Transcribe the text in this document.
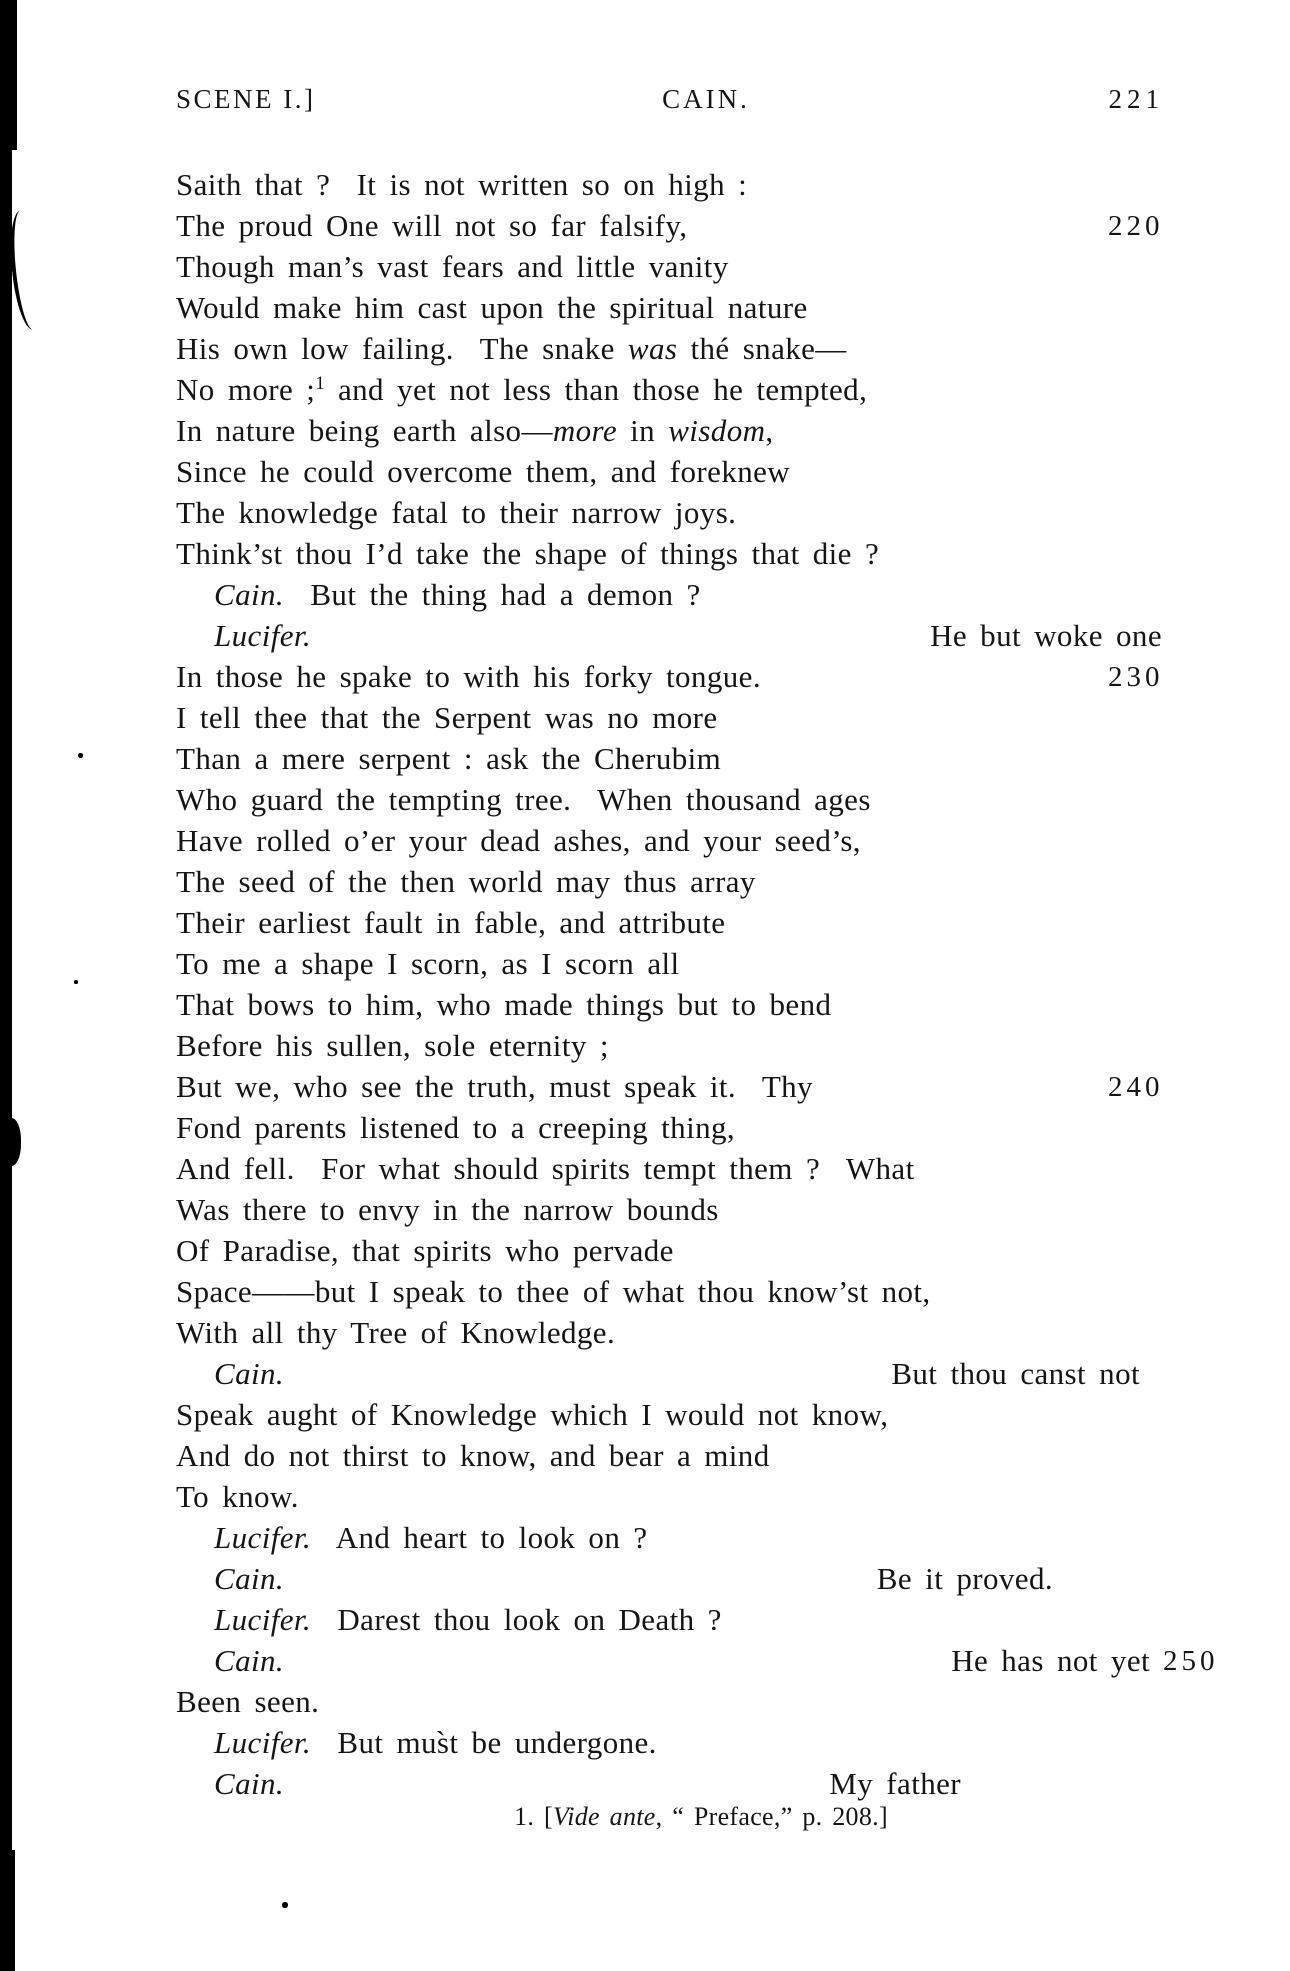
SCENE I.]	CAIN.	221
Saith that ?  It is not written so on high :
The proud One will not so far falsify,	220
Though man’s vast fears and little vanity
Would make him cast upon the spiritual nature
His own low failing.  The snake was thé snake—
No more ;$^1$ and yet not less than those he tempted,
In nature being earth also—more in wisdom,
Since he could overcome them, and foreknew
The knowledge fatal to their narrow joys.
Think’st thou I’d take the shape of things that die ?
Cain.  But the thing had a demon ?
Lucifer.	He but woke one
In those he spake to with his forky tongue.	230
I tell thee that the Serpent was no more
Than a mere serpent : ask the Cherubim
Who guard the tempting tree.  When thousand ages
Have rolled o’er your dead ashes, and your seed’s,
The seed of the then world may thus array
Their earliest fault in fable, and attribute
To me a shape I scorn, as I scorn all
That bows to him, who made things but to bend
Before his sullen, sole eternity ;
But we, who see the truth, must speak it.  Thy	240
Fond parents listened to a creeping thing,
And fell.  For what should spirits tempt them ?  What
Was there to envy in the narrow bounds
Of Paradise, that spirits who pervade
Space——but I speak to thee of what thou know’st not,
With all thy Tree of Knowledge.
Cain.	But thou canst not
Speak aught of Knowledge which I would not know,
And do not thirst to know, and bear a mind
To know.
Lucifer.  And heart to look on ?
Cain.	Be it proved.
Lucifer.  Darest thou look on Death ?
Cain.	He has not yet 250
Been seen.
Lucifer.  But mus̀t be undergone.
Cain.	My father
1. [Vide ante, “ Preface,” p. 208.]
